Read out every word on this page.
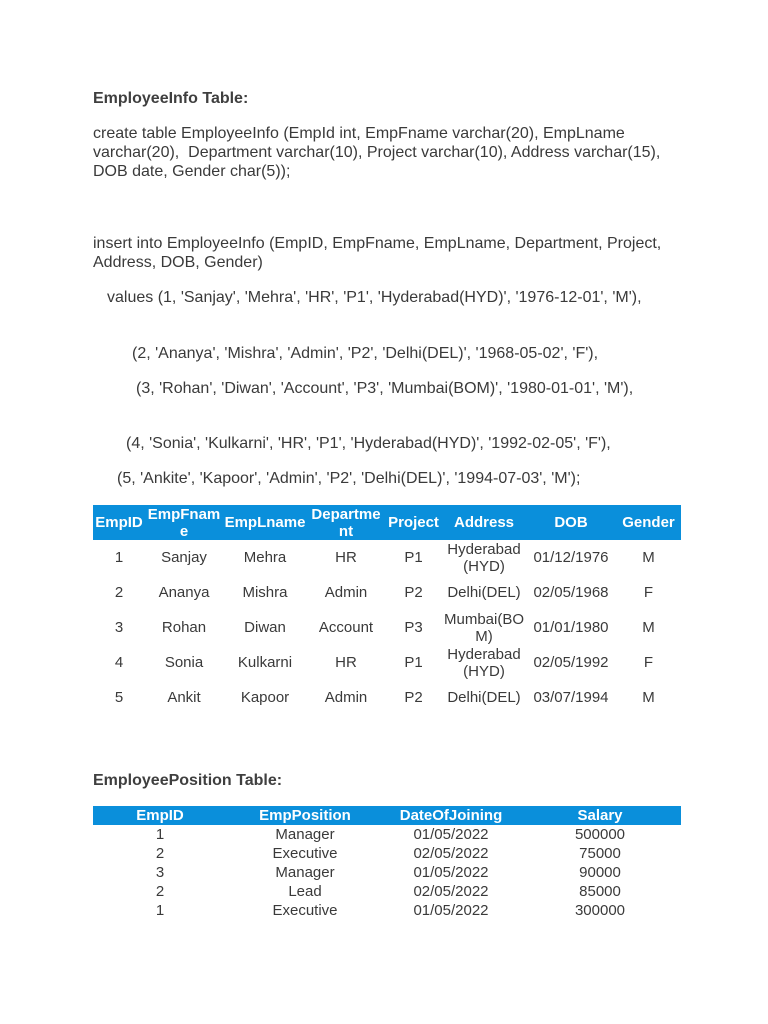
EmployeeInfo Table:
create table EmployeeInfo (EmpId int, EmpFname varchar(20), EmpLname varchar(20),  Department varchar(10), Project varchar(10), Address varchar(15), DOB date, Gender char(5));
insert into EmployeeInfo (EmpID, EmpFname, EmpLname, Department, Project, Address, DOB, Gender)
values (1, 'Sanjay', 'Mehra', 'HR', 'P1', 'Hyderabad(HYD)', '1976-12-01', 'M'),
(2, 'Ananya', 'Mishra', 'Admin', 'P2', 'Delhi(DEL)', '1968-05-02', 'F'),
(3, 'Rohan', 'Diwan', 'Account', 'P3', 'Mumbai(BOM)', '1980-01-01', 'M'),
(4, 'Sonia', 'Kulkarni', 'HR', 'P1', 'Hyderabad(HYD)', '1992-02-05', 'F'),
(5, 'Ankite', 'Kapoor', 'Admin', 'P2', 'Delhi(DEL)', '1994-07-03', 'M');
EmpID	EmpFname	EmpLname	Department	Project	Address	DOB	Gender
1	Sanjay	Mehra	HR	P1	Hyderabad(HYD)	01/12/1976	M
2	Ananya	Mishra	Admin	P2	Delhi(DEL)	02/05/1968	F
3	Rohan	Diwan	Account	P3	Mumbai(BOM)	01/01/1980	M
4	Sonia	Kulkarni	HR	P1	Hyderabad(HYD)	02/05/1992	F
5	Ankit	Kapoor	Admin	P2	Delhi(DEL)	03/07/1994	M
EmployeePosition Table:
EmpID	EmpPosition	DateOfJoining	Salary
1	Manager	01/05/2022	500000
2	Executive	02/05/2022	75000
3	Manager	01/05/2022	90000
2	Lead	02/05/2022	85000
1	Executive	01/05/2022	300000
